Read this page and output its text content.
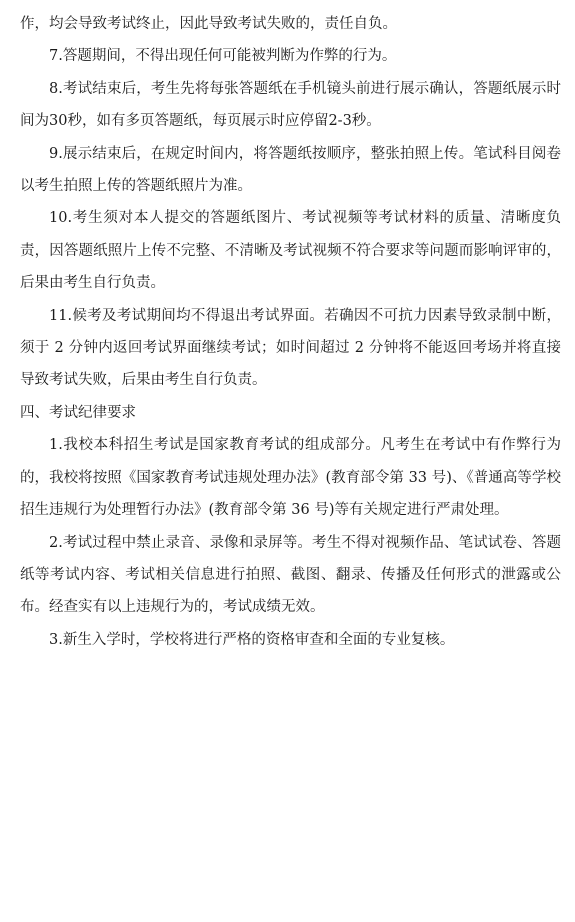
作，均会导致考试终止，因此导致考试失败的，责任自负。

7.答题期间，不得出现任何可能被判断为作弊的行为。

8.考试结束后，考生先将每张答题纸在手机镜头前进行展示确认，答题纸展示时间为30秒，如有多页答题纸，每页展示时应停留2-3秒。

9.展示结束后，在规定时间内，将答题纸按顺序，整张拍照上传。笔试科目阅卷以考生拍照上传的答题纸照片为准。

10.考生须对本人提交的答题纸图片、考试视频等考试材料的质量、清晰度负责，因答题纸照片上传不完整、不清晰及考试视频不符合要求等问题而影响评审的，后果由考生自行负责。

11.候考及考试期间均不得退出考试界面。若确因不可抗力因素导致录制中断，须于 2 分钟内返回考试界面继续考试；如时间超过 2 分钟将不能返回考场并将直接导致考试失败，后果由考生自行负责。

四、考试纪律要求

1.我校本科招生考试是国家教育考试的组成部分。凡考生在考试中有作弊行为的，我校将按照《国家教育考试违规处理办法》(教育部令第 33 号)、《普通高等学校招生违规行为处理暂行办法》(教育部令第 36 号)等有关规定进行严肃处理。

2.考试过程中禁止录音、录像和录屏等。考生不得对视频作品、笔试试卷、答题纸等考试内容、考试相关信息进行拍照、截图、翻录、传播及任何形式的泄露或公布。经查实有以上违规行为的，考试成绩无效。

3.新生入学时，学校将进行严格的资格审查和全面的专业复核。
